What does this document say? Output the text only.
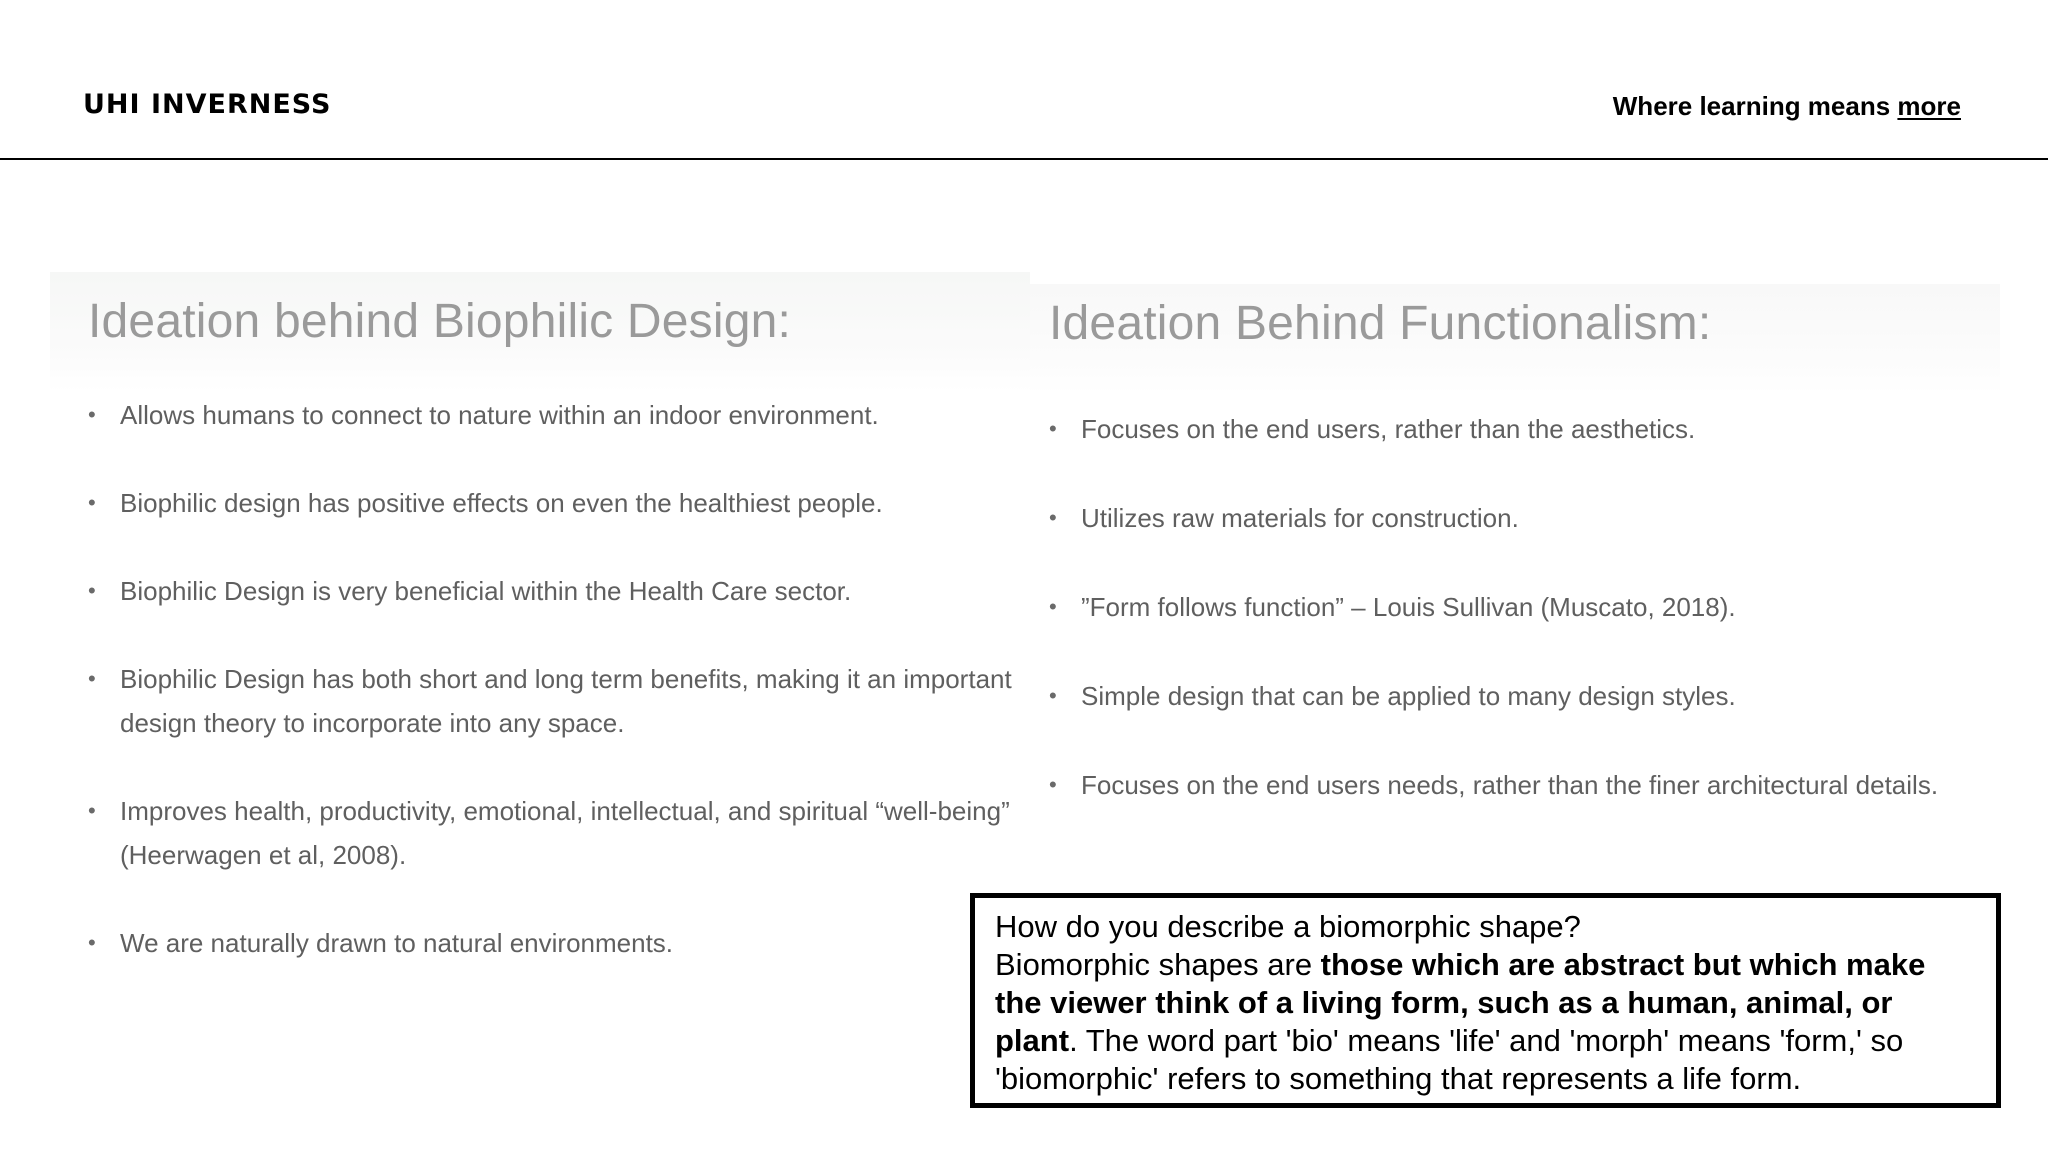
UHI INVERNESS	Where learning means more
Ideation behind Biophilic Design:
• Allows humans to connect to nature within an indoor environment.
• Biophilic design has positive effects on even the healthiest people.
• Biophilic Design is very beneficial within the Health Care sector.
• Biophilic Design has both short and long term benefits, making it an important design theory to incorporate into any space.
• Improves health, productivity, emotional, intellectual, and spiritual “well-being” (Heerwagen et al, 2008).
• We are naturally drawn to natural environments.
Ideation Behind Functionalism:
• Focuses on the end users, rather than the aesthetics.
• Utilizes raw materials for construction.
• ”Form follows function” – Louis Sullivan (Muscato, 2018).
• Simple design that can be applied to many design styles.
• Focuses on the end users needs, rather than the finer architectural details.
How do you describe a biomorphic shape?
Biomorphic shapes are those which are abstract but which make the viewer think of a living form, such as a human, animal, or plant. The word part 'bio' means 'life' and 'morph' means 'form,' so 'biomorphic' refers to something that represents a life form.
